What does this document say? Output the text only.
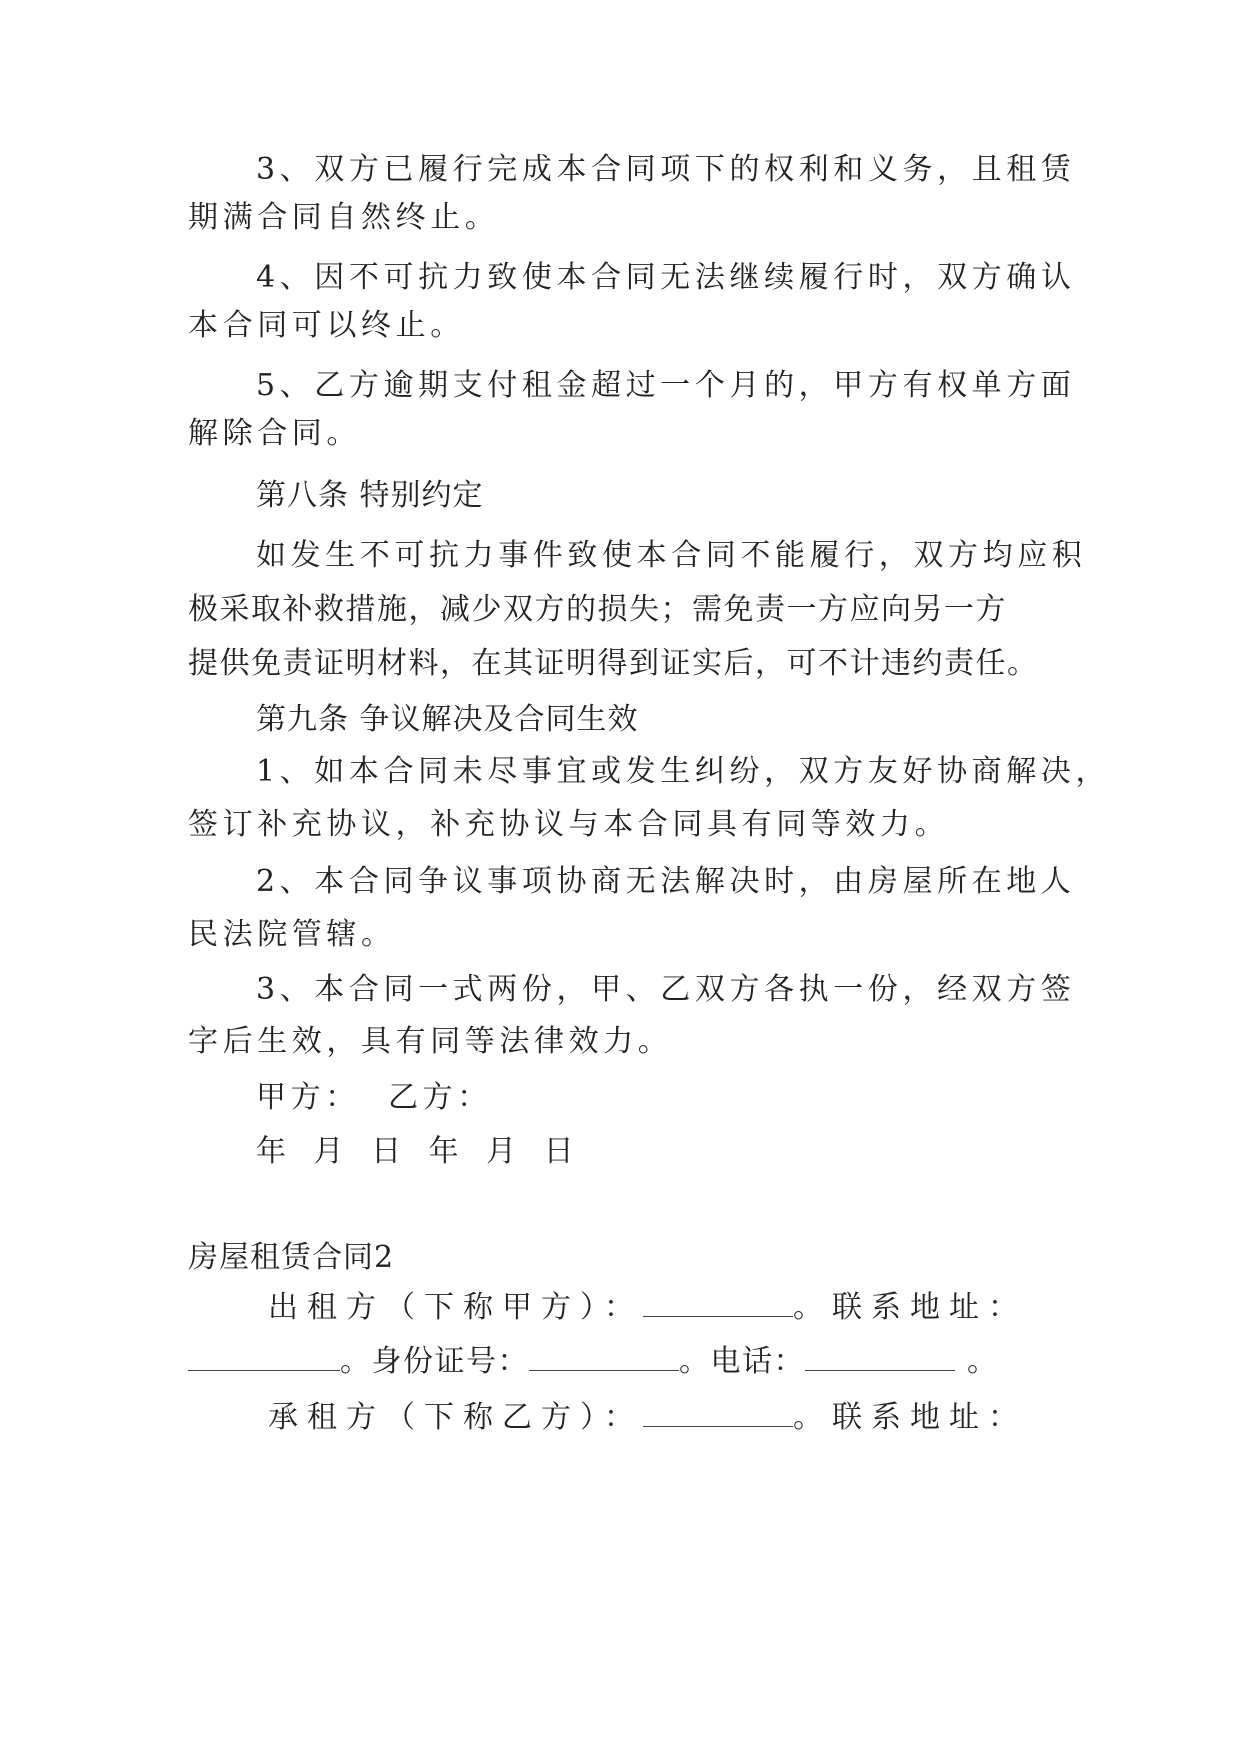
3、双方已履行完成本合同项下的权利和义务，且租赁
期满合同自然终止。
4、因不可抗力致使本合同无法继续履行时，双方确认
本合同可以终止。
5、乙方逾期支付租金超过一个月的，甲方有权单方面
解除合同。
第八条 特别约定
如发生不可抗力事件致使本合同不能履行，双方均应积
极采取补救措施，减少双方的损失；需免责一方应向另一方
提供免责证明材料，在其证明得到证实后，可不计违约责任。
第九条 争议解决及合同生效
1、如本合同未尽事宜或发生纠纷，双方友好协商解决，
签订补充协议，补充协议与本合同具有同等效力。
2、本合同争议事项协商无法解决时，由房屋所在地人
民法院管辖。
3、本合同一式两份，甲、乙双方各执一份，经双方签
字后生效，具有同等法律效力。
甲方：  乙方：
年 月 日 年 月 日
房屋租赁合同2
出租方（下称甲方）：	。联系地址：
。身份证号：	。电话：	。
承租方（下称乙方）：	。联系地址：
